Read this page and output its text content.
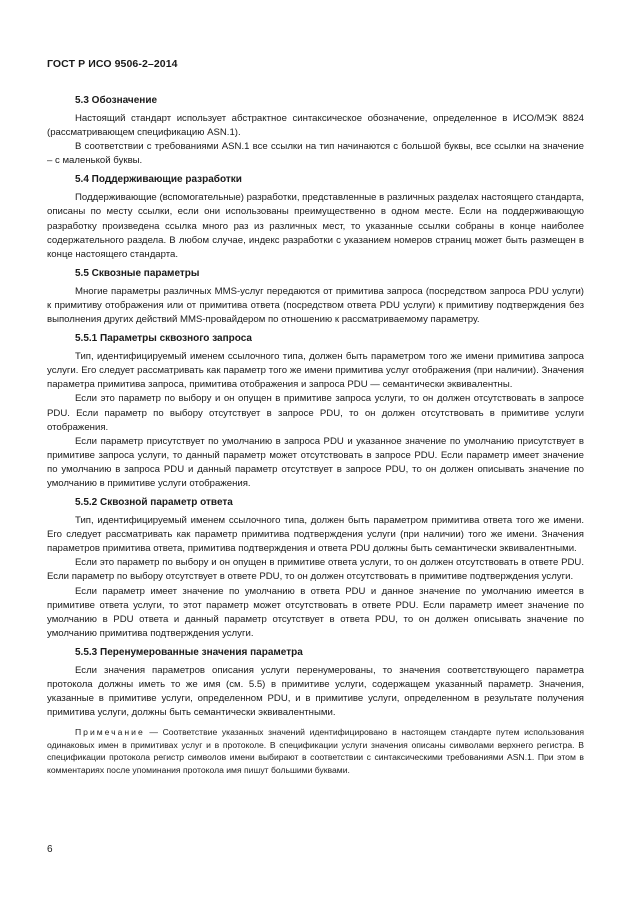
ГОСТ Р ИСО 9506-2–2014
5.3 Обозначение

Настоящий стандарт использует абстрактное синтаксическое обозначение, определенное в ИСО/МЭК 8824 (рассматривающем спецификацию ASN.1).

В соответствии с требованиями ASN.1 все ссылки на тип начинаются с большой буквы, все ссылки на значение – с маленькой буквы.

5.4 Поддерживающие разработки

Поддерживающие (вспомогательные) разработки, представленные в различных разделах настоящего стандарта, описаны по месту ссылки, если они использованы преимущественно в одном месте. Если на поддерживающую разработку произведена ссылка много раз из различных мест, то указанные ссылки собраны в конце наиболее содержательного раздела. В любом случае, индекс разработки с указанием номеров страниц может быть размещен в конце настоящего стандарта.

5.5 Сквозные параметры

Многие параметры различных MMS-услуг передаются от примитива запроса (посредством запроса PDU услуги) к примитиву отображения или от примитива ответа (посредством ответа PDU услуги) к примитиву подтверждения без выполнения других действий MMS-провайдером по отношению к рассматриваемому параметру.

5.5.1 Параметры сквозного запроса

Тип, идентифицируемый именем ссылочного типа, должен быть параметром того же имени примитива запроса услуги. Его следует рассматривать как параметр того же имени примитива услуг отображения (при наличии). Значения параметра примитива запроса, примитива отображения и запроса PDU — семантически эквивалентны.

Если это параметр по выбору и он опущен в примитиве запроса услуги, то он должен отсутствовать в запросе PDU. Если параметр по выбору отсутствует в запросе PDU, то он должен отсутствовать в примитиве услуги отображения.

Если параметр присутствует по умолчанию в запроса PDU и указанное значение по умолчанию присутствует в примитиве запроса услуги, то данный параметр может отсутствовать в запросе PDU. Если параметр имеет значение по умолчанию в запроса PDU и данный параметр отсутствует в запросе PDU, то он должен описывать значение по умолчанию в примитиве услуги отображения.

5.5.2 Сквозной параметр ответа

Тип, идентифицируемый именем ссылочного типа, должен быть параметром примитива ответа того же имени. Его следует рассматривать как параметр примитива подтверждения услуги (при наличии) того же имени. Значения параметров примитива ответа, примитива подтверждения и ответа PDU должны быть семантически эквивалентными.

Если это параметр по выбору и он опущен в примитиве ответа услуги, то он должен отсутствовать в ответе PDU. Если параметр по выбору отсутствует в ответе PDU, то он должен отсутствовать в примитиве подтверждения услуги.

Если параметр имеет значение по умолчанию в ответа PDU и данное значение по умолчанию имеется в примитиве ответа услуги, то этот параметр может отсутствовать в ответе PDU. Если параметр имеет значение по умолчанию в PDU ответа и данный параметр отсутствует в ответа PDU, то он должен описывать значение по умолчанию примитива подтверждения услуги.

5.5.3 Перенумерованные значения параметра

Если значения параметров описания услуги перенумерованы, то значения соответствующего параметра протокола должны иметь то же имя (см. 5.5) в примитиве услуги, содержащем указанный параметр. Значения, указанные в примитиве услуги, определенном PDU, и в примитиве услуги, определенном в результате получения примитива услуги, должны быть семантически эквивалентными.

Примечание — Соответствие указанных значений идентифицировано в настоящем стандарте путем использования одинаковых имен в примитивах услуг и в протоколе. В спецификации услуги значения описаны символами верхнего регистра. В спецификации протокола регистр символов имени выбирают в соответствии с синтаксическими требованиями ASN.1. При этом в комментариях после упоминания протокола имя пишут большими буквами.
6
